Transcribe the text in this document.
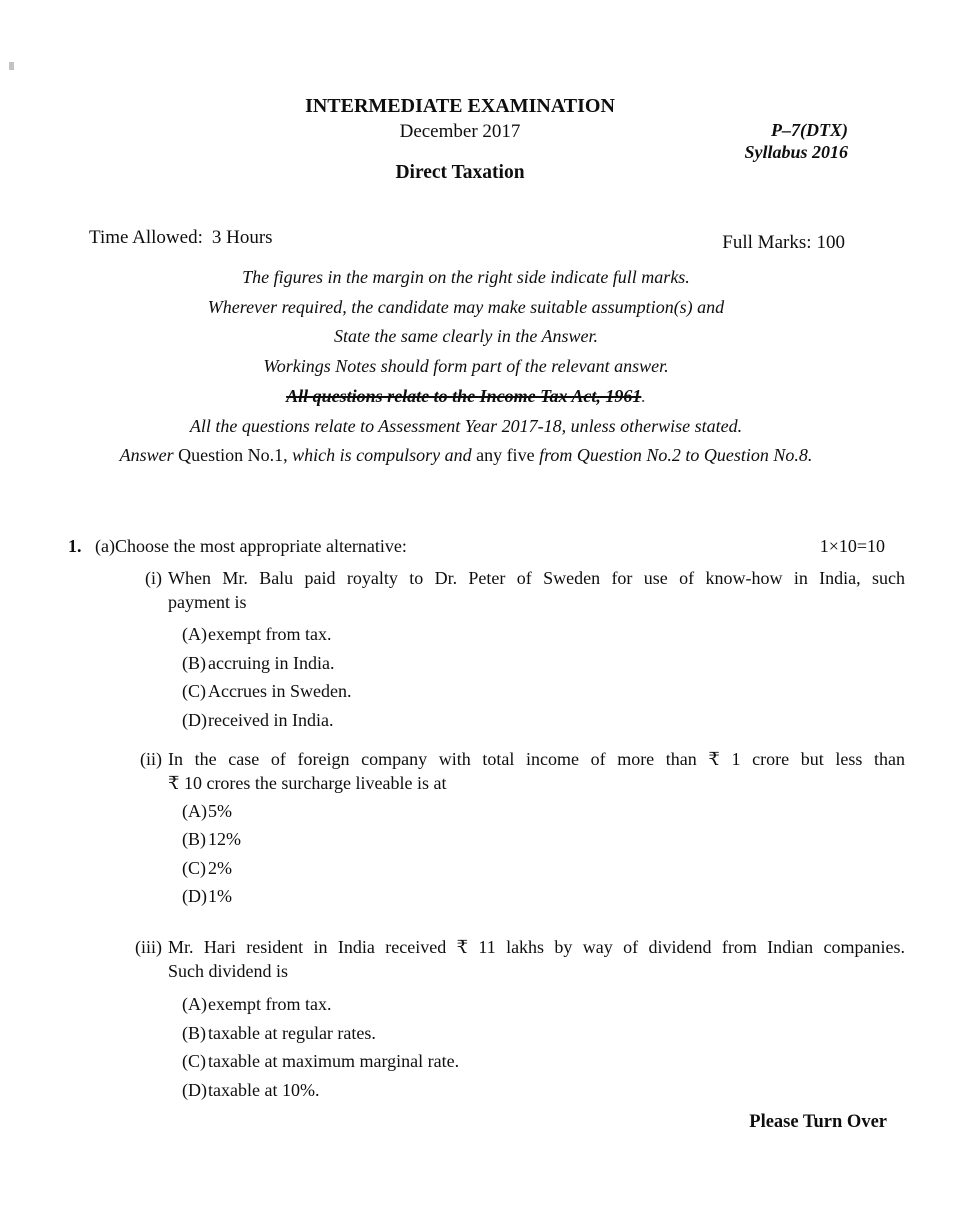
INTERMEDIATE EXAMINATION
December 2017
Direct Taxation
P–7(DTX)
Syllabus 2016
Time Allowed: 3 Hours	Full Marks: 100
The figures in the margin on the right side indicate full marks.
Wherever required, the candidate may make suitable assumption(s) and
State the same clearly in the Answer.
Workings Notes should form part of the relevant answer.
All questions relate to the Income Tax Act, 1961.
All the questions relate to Assessment Year 2017-18, unless otherwise stated.
Answer Question No.1, which is compulsory and any five from Question No.2 to Question No.8.
1. (a) Choose the most appropriate alternative:	1×10=10
(i) When Mr. Balu paid royalty to Dr. Peter of Sweden for use of know-how in India, such
payment is
(A) exempt from tax.
(B) accruing in India.
(C) Accrues in Sweden.
(D) received in India.
(ii) In the case of foreign company with total income of more than ₹ 1 crore but less than
₹ 10 crores the surcharge liveable is at
(A) 5%
(B) 12%
(C) 2%
(D) 1%
(iii) Mr. Hari resident in India received ₹ 11 lakhs by way of dividend from Indian companies.
Such dividend is
(A) exempt from tax.
(B) taxable at regular rates.
(C) taxable at maximum marginal rate.
(D) taxable at 10%.
Please Turn Over
